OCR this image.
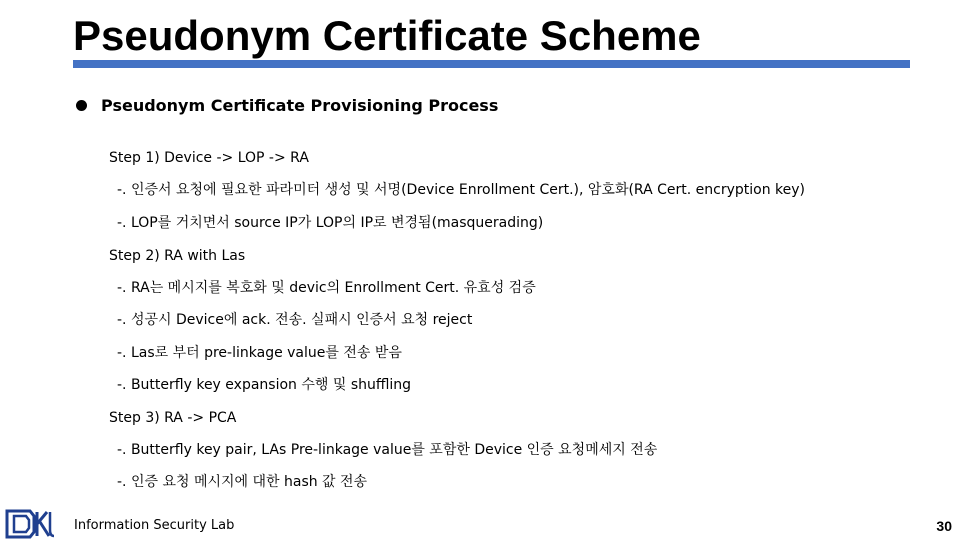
Pseudonym Certificate Scheme
Pseudonym Certificate Provisioning Process
Step 1) Device -> LOP -> RA
-. 인증서 요청에 필요한 파라미터 생성 및 서명(Device Enrollment Cert.), 암호화(RA Cert. encryption key)
-. LOP를 거치면서 source IP가 LOP의 IP로 변경됨(masquerading)
Step 2) RA with Las
-. RA는 메시지를 복호화 및 devic의 Enrollment Cert. 유효성 검증
-. 성공시 Device에 ack. 전송. 실패시 인증서 요청 reject
-. Las로 부터 pre-linkage value를 전송 받음
-. Butterfly key expansion 수행 및 shuffling
Step 3) RA -> PCA
-. Butterfly key pair, LAs Pre-linkage value를 포함한 Device 인증 요청메세지 전송
-. 인증 요청 메시지에 대한 hash 값 전송
Information Security Lab	30
